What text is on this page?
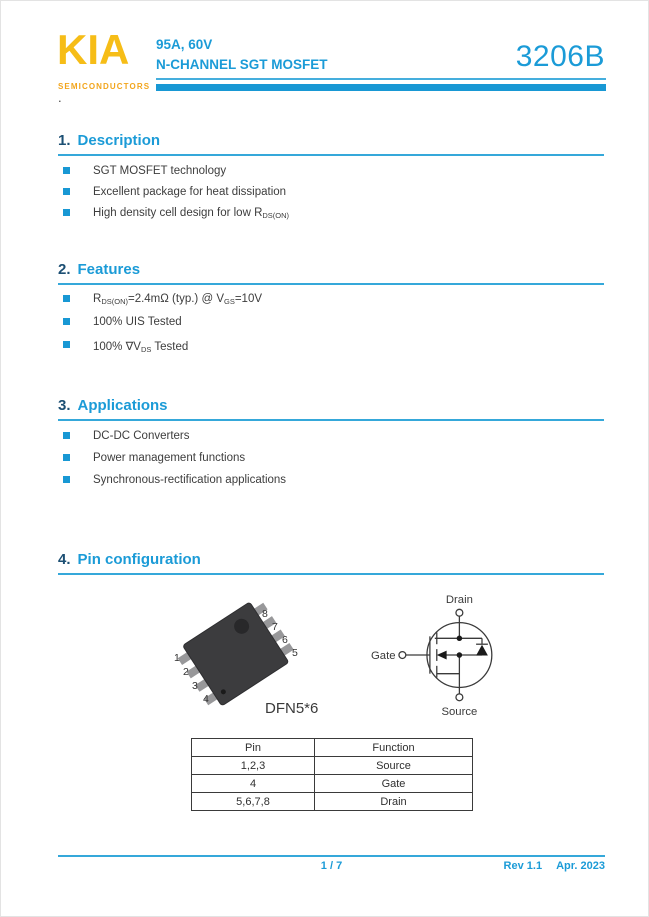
KIA
SEMICONDUCTORS
95A, 60V
N-CHANNEL SGT MOSFET	3206B
.
1. Description
SGT MOSFET technology
Excellent package for heat dissipation
High density cell design for low RDS(ON)
2. Features
RDS(ON)=2.4mΩ (typ.) @ VGS=10V
100% UIS Tested
100% ∇VDS Tested
3. Applications
DC-DC Converters
Power management functions
Synchronous-rectification applications
4. Pin configuration
8
7
6
5
1
2
3
4
DFN5*6
Drain
Gate
Source
Pin	Function
1,2,3	Source
4	Gate
5,6,7,8	Drain
1 / 7	Rev 1.1 Apr. 2023
